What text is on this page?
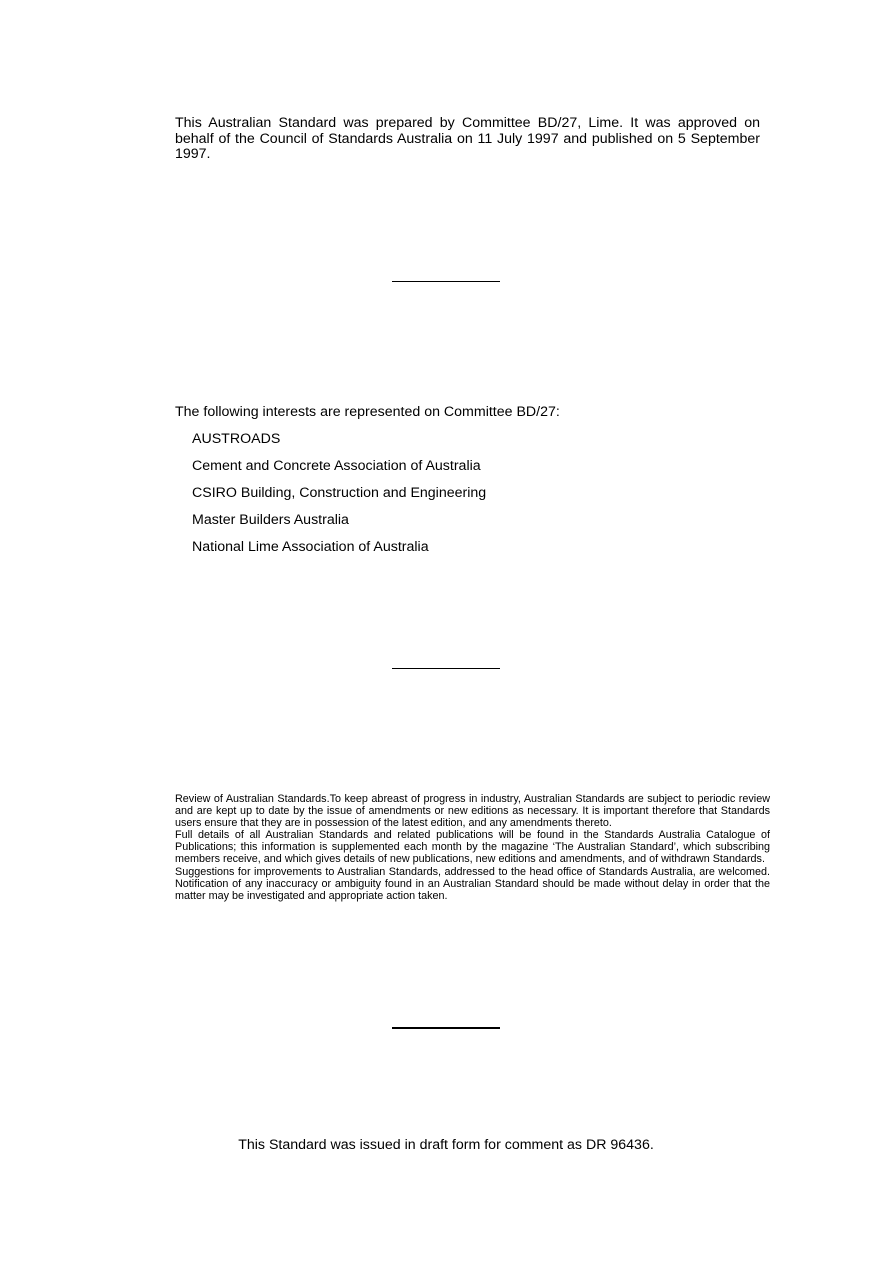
This Australian Standard was prepared by Committee BD/27, Lime. It was approved on behalf of the Council of Standards Australia on 11 July 1997 and published on 5 September 1997.
The following interests are represented on Committee BD/27:
AUSTROADS
Cement and Concrete Association of Australia
CSIRO Building, Construction and Engineering
Master Builders Australia
National Lime Association of Australia

Review of Australian Standards.To keep abreast of progress in industry, Australian Standards are subject to periodic review and are kept up to date by the issue of amendments or new editions as necessary. It is important therefore that Standards users ensure that they are in possession of the latest edition, and any amendments thereto.

Full details of all Australian Standards and related publications will be found in the Standards Australia Catalogue of Publications; this information is supplemented each month by the magazine ‘The Australian Standard’, which subscribing members receive, and which gives details of new publications, new editions and amendments, and of withdrawn Standards.

Suggestions for improvements to Australian Standards, addressed to the head office of Standards Australia, are welcomed. Notification of any inaccuracy or ambiguity found in an Australian Standard should be made without delay in order that the matter may be investigated and appropriate action taken.

This Standard was issued in draft form for comment as DR 96436.
